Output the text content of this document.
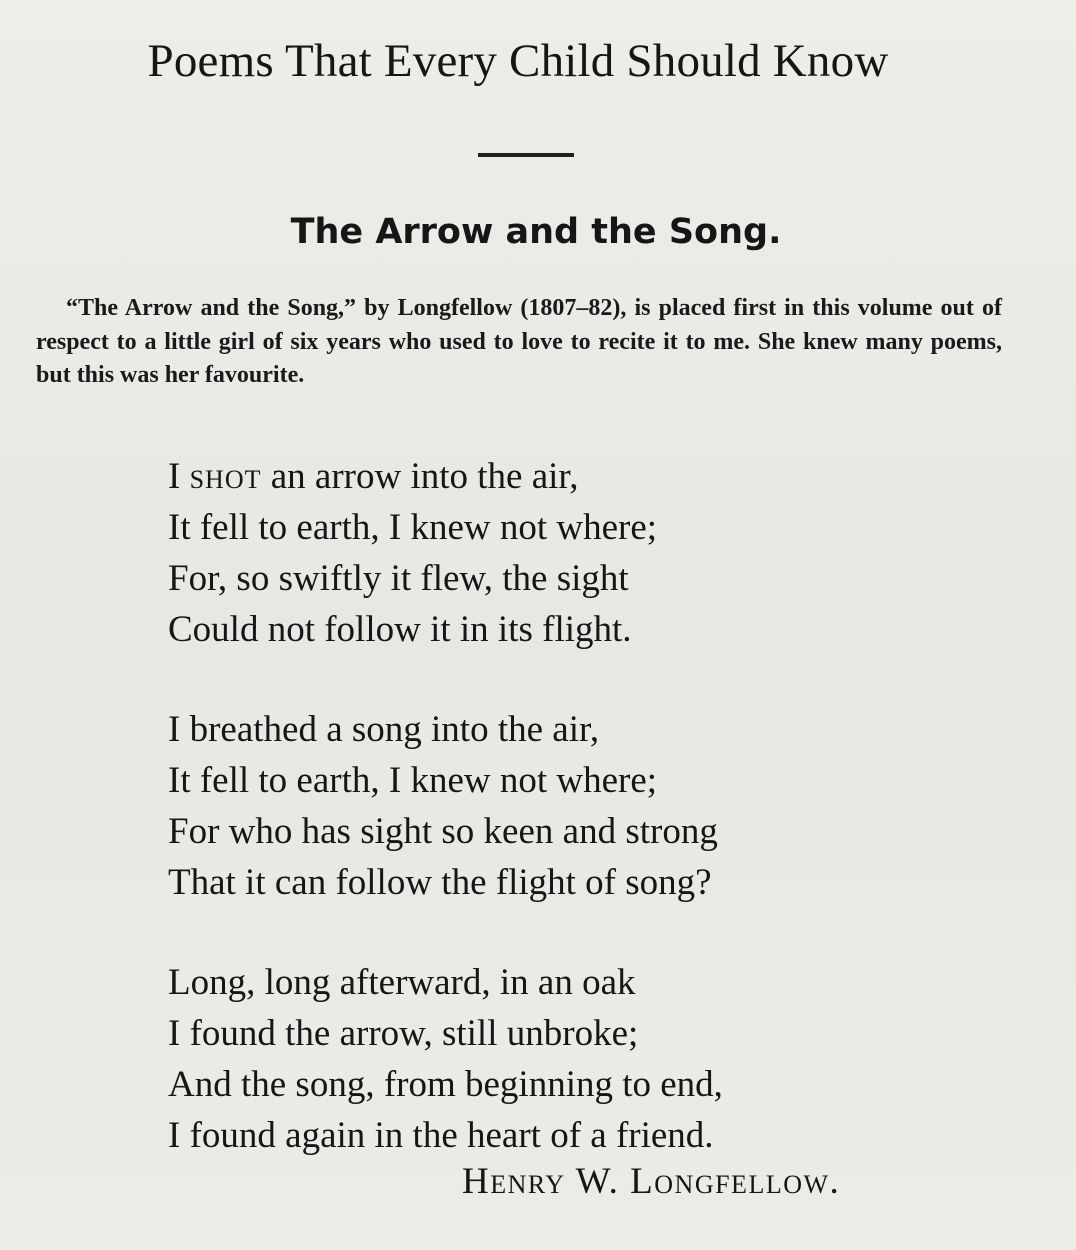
Poems That Every Child Should Know
The Arrow and the Song.

“The Arrow and the Song,” by Longfellow (1807–82), is placed first in this volume out of respect to a little girl of six years who used to love to recite it to me. She knew many poems, but this was her favourite.

I shot an arrow into the air,
It fell to earth, I knew not where;
For, so swiftly it flew, the sight
Could not follow it in its flight.
I breathed a song into the air,
It fell to earth, I knew not where;
For who has sight so keen and strong
That it can follow the flight of song?
Long, long afterward, in an oak
I found the arrow, still unbroke;
And the song, from beginning to end,
I found again in the heart of a friend.
Henry W. Longfellow.
